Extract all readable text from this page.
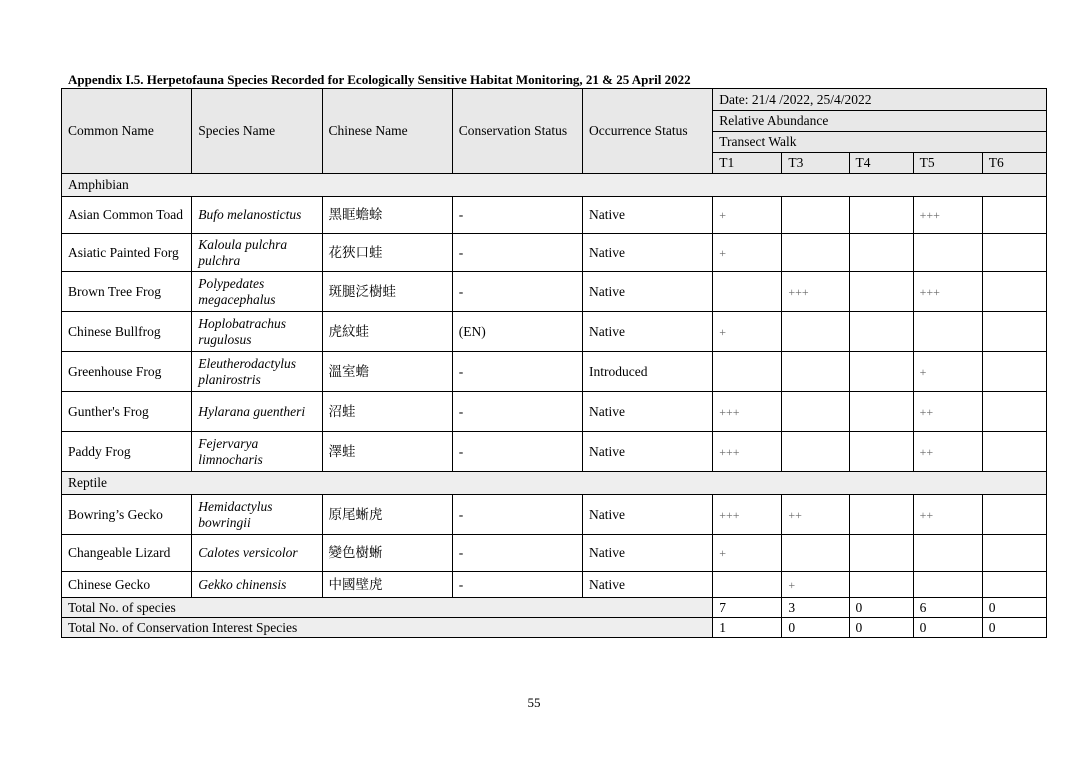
Appendix I.5. Herpetofauna Species Recorded for Ecologically Sensitive Habitat Monitoring, 21 & 25 April 2022
Common Name	Species Name	Chinese Name	Conservation Status	Occurrence Status	Date: 21/4 /2022, 25/4/2022				
					Relative Abundance				
					Transect Walk				
					T1	T3	T4	T5	T6
Amphibian									
Asian Common Toad	Bufo melanostictus	黑眶蟾蜍	-	Native	+			+++	
Asiatic Painted Forg	Kaloula pulchra pulchra	花狹口蛙	-	Native	+				
Brown Tree Frog	Polypedates megacephalus	斑腿泛樹蛙	-	Native		+++		+++	
Chinese Bullfrog	Hoplobatrachus rugulosus	虎紋蛙	(EN)	Native	+				
Greenhouse Frog	Eleutherodactylus planirostris	溫室蟾	-	Introduced				+	
Gunther's Frog	Hylarana guentheri	沼蛙	-	Native	+++			++	
Paddy Frog	Fejervarya limnocharis	澤蛙	-	Native	+++			++	
Reptile									
Bowring’s Gecko	Hemidactylus bowringii	原尾蜥虎	-	Native	+++	++		++	
Changeable Lizard	Calotes versicolor	變色樹蜥	-	Native	+				
Chinese Gecko	Gekko chinensis	中國壁虎	-	Native		+			
Total No. of species					7	3	0	6	0
Total No. of Conservation Interest Species					1	0	0	0	0
55
